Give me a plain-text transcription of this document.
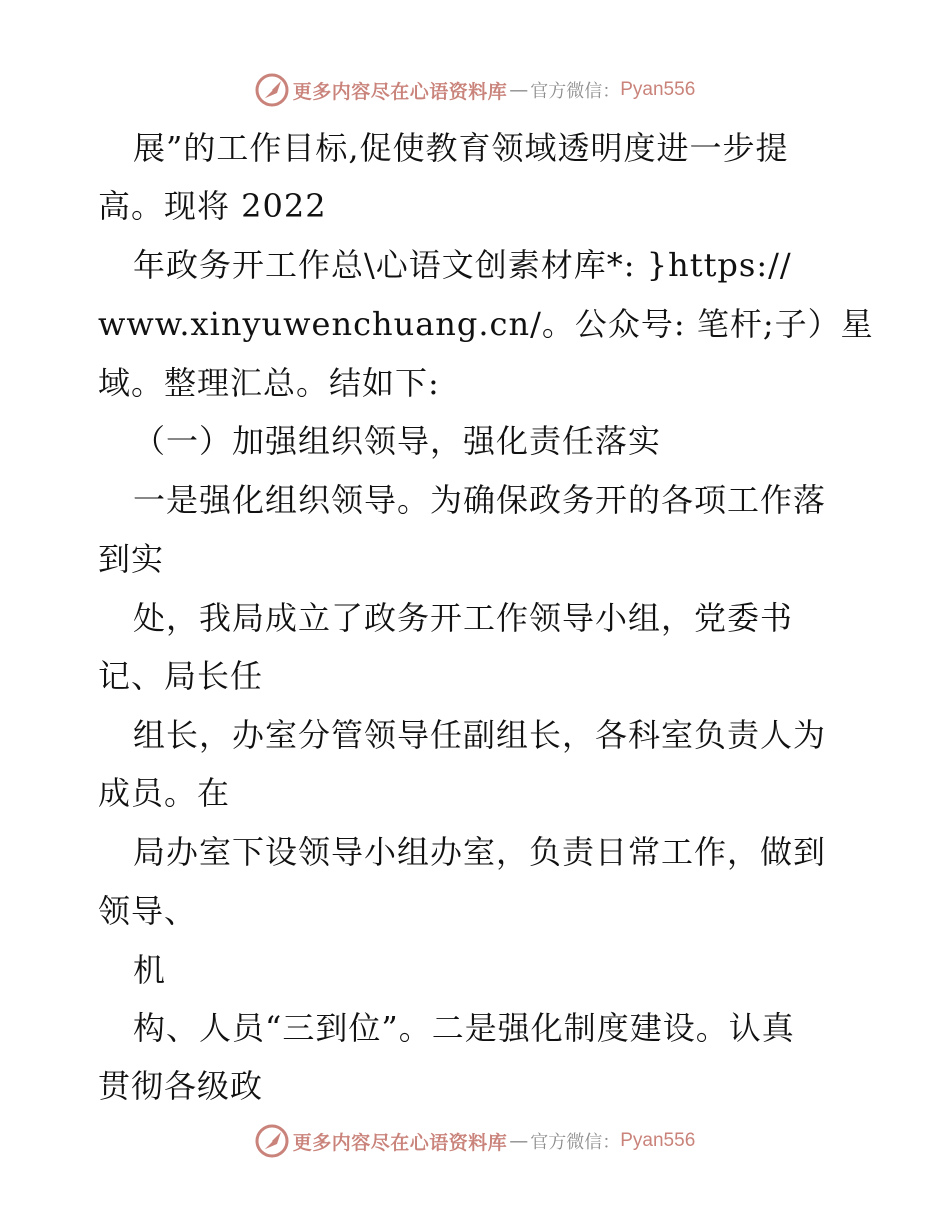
更多内容尽在心语资料库 — 官方微信： Pyan556
展”的工作目标,促使教育领域透明度进一步提
高。现将 2022
年政务开工作总\心语文创素材库*: }https://
www.xinyuwenchuang.cn/。公众号: 笔杆;子）星
域。整理汇总。结如下:
（一）加强组织领导，强化责任落实
一是强化组织领导。为确保政务开的各项工作落
到实
处，我局成立了政务开工作领导小组，党委书
记、局长任
组长，办室分管领导任副组长，各科室负责人为
成员。在
局办室下设领导小组办室，负责日常工作，做到
领导、
机
构、人员“三到位”。二是强化制度建设。认真
贯彻各级政
更多内容尽在心语资料库 — 官方微信： Pyan556
